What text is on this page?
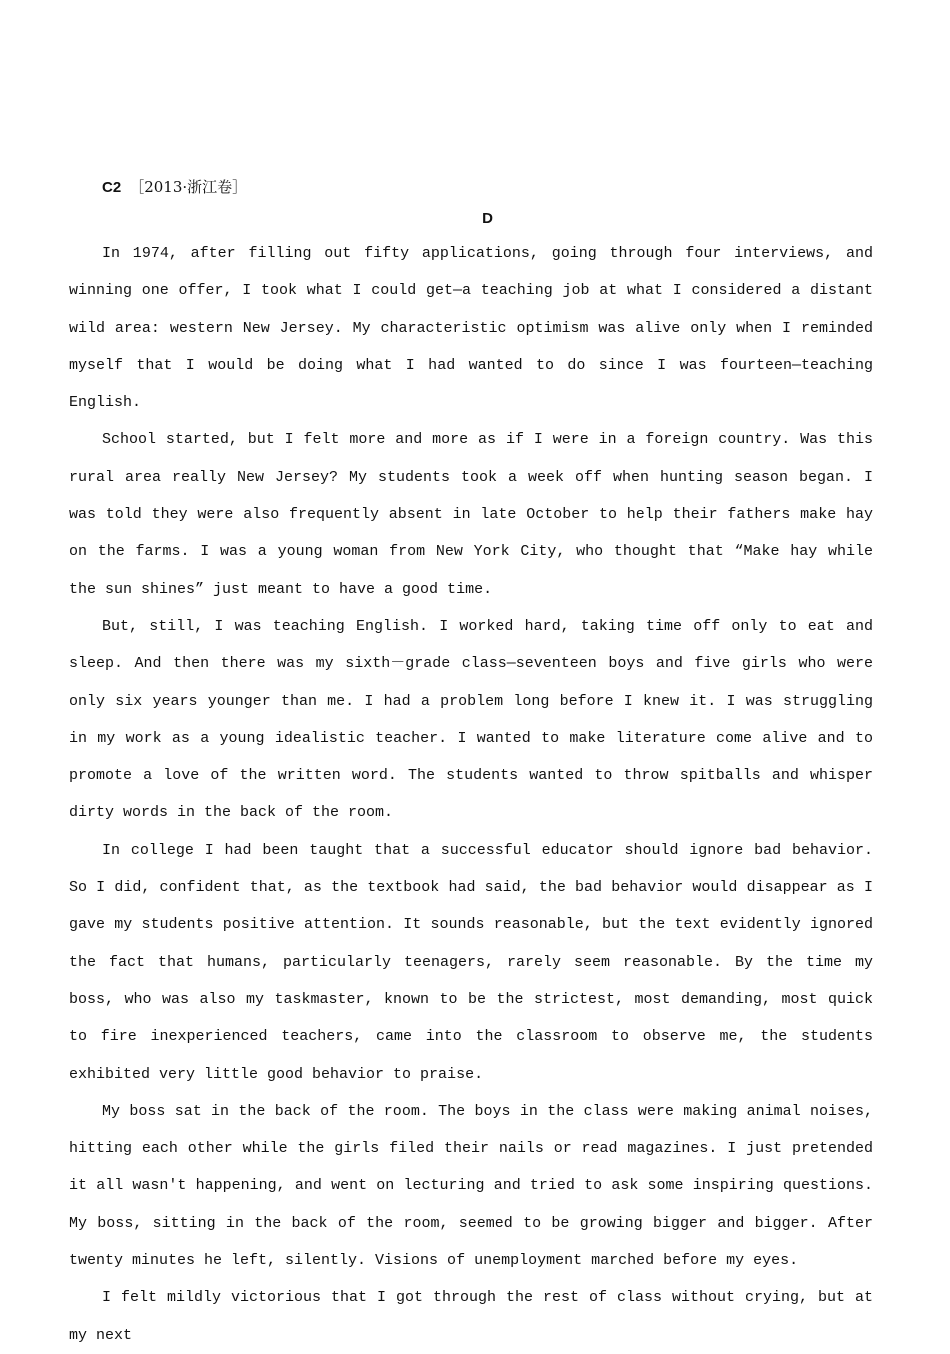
C2 ［2013·浙江卷］
D

In 1974, after filling out fifty applications, going through four interviews, and winning one offer, I took what I could get—a teaching job at what I considered a distant wild area: western New Jersey. My characteristic optimism was alive only when I reminded myself that I would be doing what I had wanted to do since I was fourteen—teaching English.

School started, but I felt more and more as if I were in a foreign country. Was this rural area really New Jersey? My students took a week off when hunting season began. I was told they were also frequently absent in late October to help their fathers make hay on the farms. I was a young woman from New York City, who thought that “Make hay while the sun shines” just meant to have a good time.

But, still, I was teaching English. I worked hard, taking time off only to eat and sleep. And then there was my sixth－grade class—seventeen boys and five girls who were only six years younger than me. I had a problem long before I knew it. I was struggling in my work as a young idealistic teacher. I wanted to make literature come alive and to promote a love of the written word. The students wanted to throw spitballs and whisper dirty words in the back of the room.

In college I had been taught that a successful educator should ignore bad behavior. So I did, confident that, as the textbook had said, the bad behavior would disappear as I gave my students positive attention. It sounds reasonable, but the text evidently ignored the fact that humans, particularly teenagers, rarely seem reasonable. By the time my boss, who was also my taskmaster, known to be the strictest, most demanding, most quick to fire inexperienced teachers, came into the classroom to observe me, the students exhibited very little good behavior to praise.

My boss sat in the back of the room. The boys in the class were making animal noises, hitting each other while the girls filed their nails or read magazines. I just pretended it all wasn't happening, and went on lecturing and tried to ask some inspiring questions. My boss, sitting in the back of the room, seemed to be growing bigger and bigger. After twenty minutes he left, silently. Visions of unemployment marched before my eyes.

I felt mildly victorious that I got through the rest of class without crying, but at my next
